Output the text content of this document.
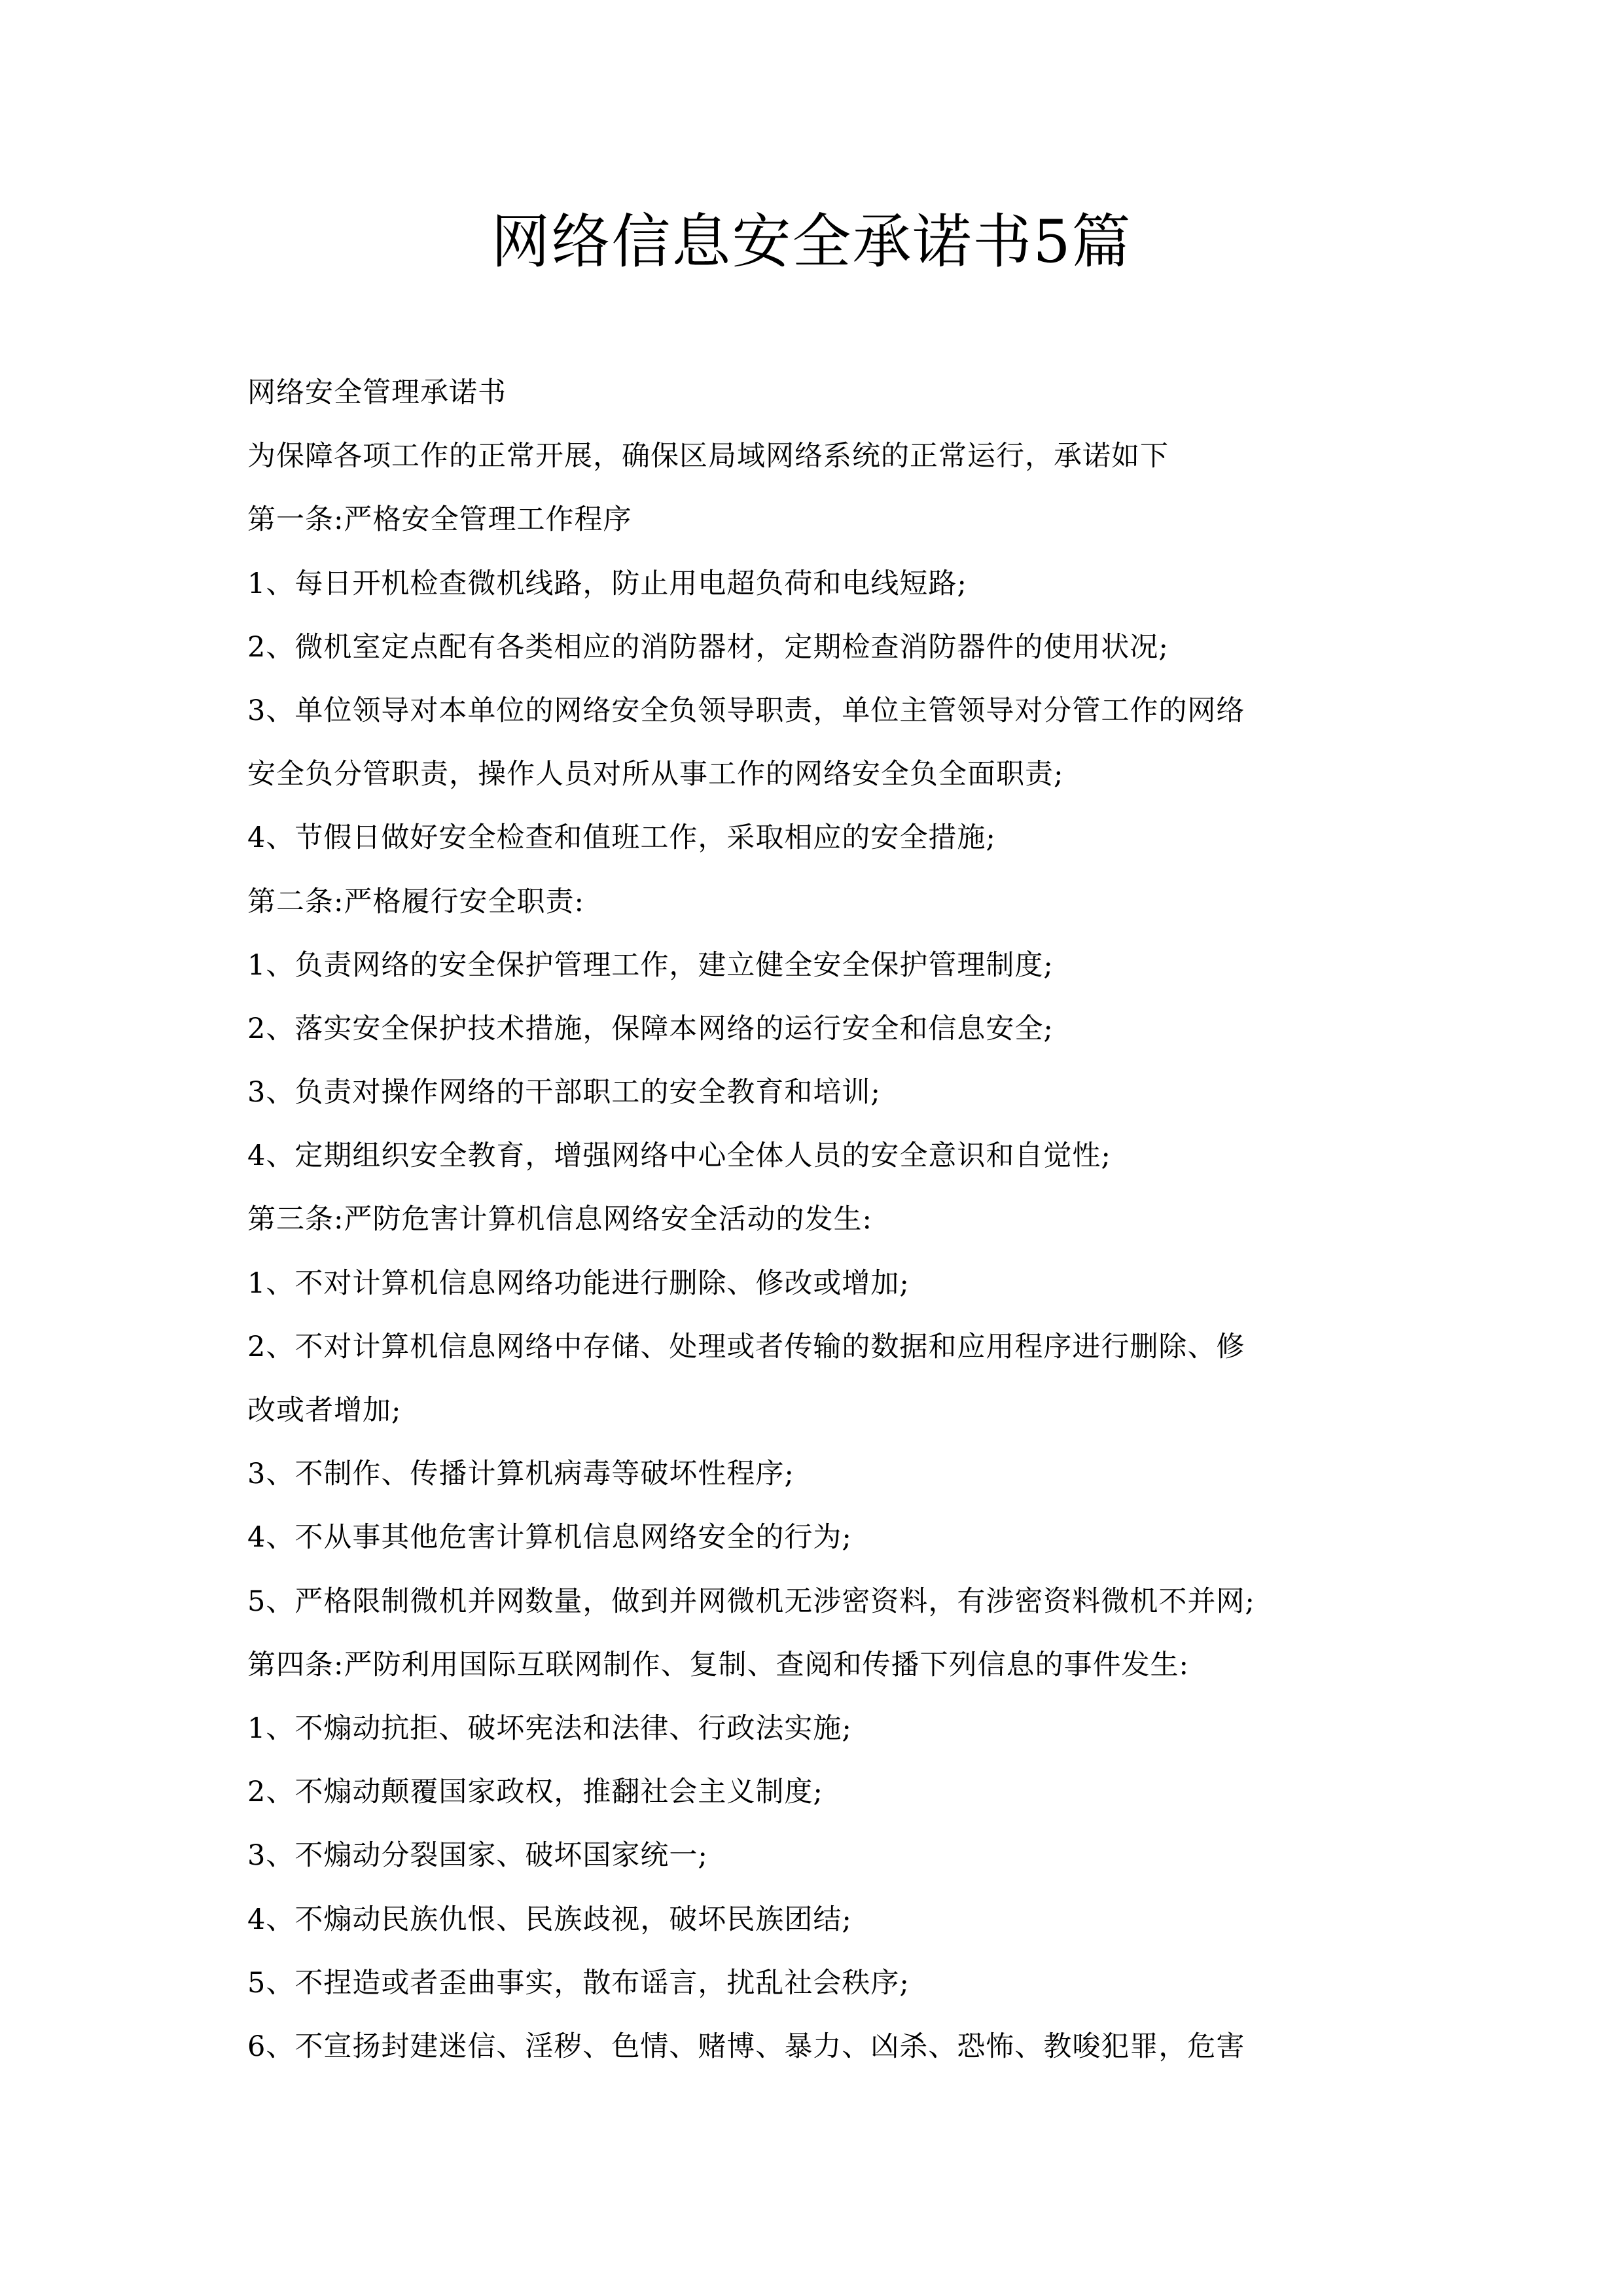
网络信息安全承诺书5篇

网络安全管理承诺书

为保障各项工作的正常开展，确保区局域网络系统的正常运行，承诺如下

第一条:严格安全管理工作程序

1、每日开机检查微机线路，防止用电超负荷和电线短路;

2、微机室定点配有各类相应的消防器材，定期检查消防器件的使用状况;

3、单位领导对本单位的网络安全负领导职责，单位主管领导对分管工作的网络

安全负分管职责，操作人员对所从事工作的网络安全负全面职责;

4、节假日做好安全检查和值班工作，采取相应的安全措施;

第二条:严格履行安全职责:

1、负责网络的安全保护管理工作，建立健全安全保护管理制度;

2、落实安全保护技术措施，保障本网络的运行安全和信息安全;

3、负责对操作网络的干部职工的安全教育和培训;

4、定期组织安全教育，增强网络中心全体人员的安全意识和自觉性;

第三条:严防危害计算机信息网络安全活动的发生:

1、不对计算机信息网络功能进行删除、修改或增加;

2、不对计算机信息网络中存储、处理或者传输的数据和应用程序进行删除、修

改或者增加;

3、不制作、传播计算机病毒等破坏性程序;

4、不从事其他危害计算机信息网络安全的行为;

5、严格限制微机并网数量，做到并网微机无涉密资料，有涉密资料微机不并网;

第四条:严防利用国际互联网制作、复制、查阅和传播下列信息的事件发生:

1、不煽动抗拒、破坏宪法和法律、行政法实施;

2、不煽动颠覆国家政权，推翻社会主义制度;

3、不煽动分裂国家、破坏国家统一;

4、不煽动民族仇恨、民族歧视，破坏民族团结;

5、不捏造或者歪曲事实，散布谣言，扰乱社会秩序;

6、不宣扬封建迷信、淫秽、色情、赌博、暴力、凶杀、恐怖、教唆犯罪，危害
